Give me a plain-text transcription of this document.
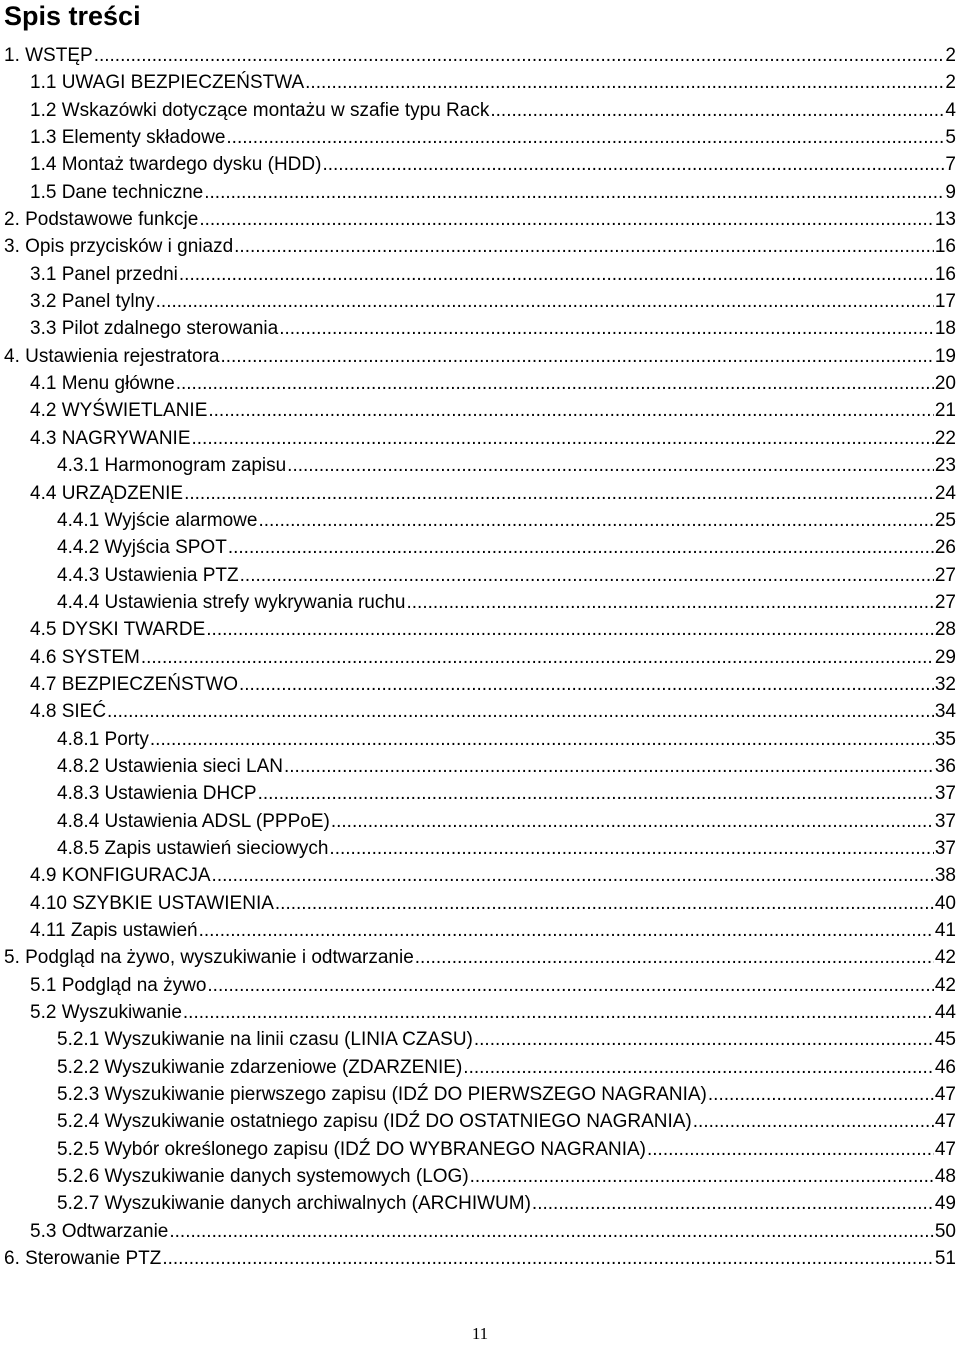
Spis treści
1. WSTĘP .....	2
1.1 UWAGI BEZPIECZEŃSTWA .....	2
1.2 Wskazówki dotyczące montażu w szafie typu Rack .....	4
1.3 Elementy składowe .....	5
1.4 Montaż twardego dysku (HDD) .....	7
1.5 Dane techniczne .....	9
2. Podstawowe funkcje .....	13
3. Opis przycisków i gniazd .....	16
3.1 Panel przedni .....	16
3.2 Panel tylny .....	17
3.3 Pilot zdalnego sterowania .....	18
4. Ustawienia rejestratora .....	19
4.1 Menu główne .....	20
4.2 WYŚWIETLANIE .....	21
4.3 NAGRYWANIE .....	22
4.3.1 Harmonogram zapisu .....	23
4.4 URZĄDZENIE .....	24
4.4.1 Wyjście alarmowe .....	25
4.4.2 Wyjścia SPOT .....	26
4.4.3 Ustawienia PTZ .....	27
4.4.4 Ustawienia strefy wykrywania ruchu .....	27
4.5 DYSKI TWARDE .....	28
4.6 SYSTEM .....	29
4.7 BEZPIECZEŃSTWO .....	32
4.8 SIEĆ .....	34
4.8.1 Porty .....	35
4.8.2 Ustawienia sieci LAN .....	36
4.8.3 Ustawienia DHCP .....	37
4.8.4 Ustawienia ADSL (PPPoE) .....	37
4.8.5 Zapis ustawień sieciowych .....	37
4.9 KONFIGURACJA .....	38
4.10 SZYBKIE USTAWIENIA .....	40
4.11 Zapis ustawień .....	41
5. Podgląd na żywo, wyszukiwanie i odtwarzanie .....	42
5.1 Podgląd na żywo .....	42
5.2 Wyszukiwanie .....	44
5.2.1 Wyszukiwanie na linii czasu (LINIA CZASU) .....	45
5.2.2 Wyszukiwanie zdarzeniowe (ZDARZENIE) .....	46
5.2.3 Wyszukiwanie pierwszego zapisu (IDŹ DO PIERWSZEGO NAGRANIA) .....	47
5.2.4 Wyszukiwanie ostatniego zapisu (IDŹ DO OSTATNIEGO NAGRANIA) .....	47
5.2.5 Wybór określonego zapisu (IDŹ DO WYBRANEGO NAGRANIA) .....	47
5.2.6 Wyszukiwanie danych systemowych (LOG) .....	48
5.2.7 Wyszukiwanie danych archiwalnych (ARCHIWUM) .....	49
5.3 Odtwarzanie .....	50
6. Sterowanie PTZ .....	51
11
